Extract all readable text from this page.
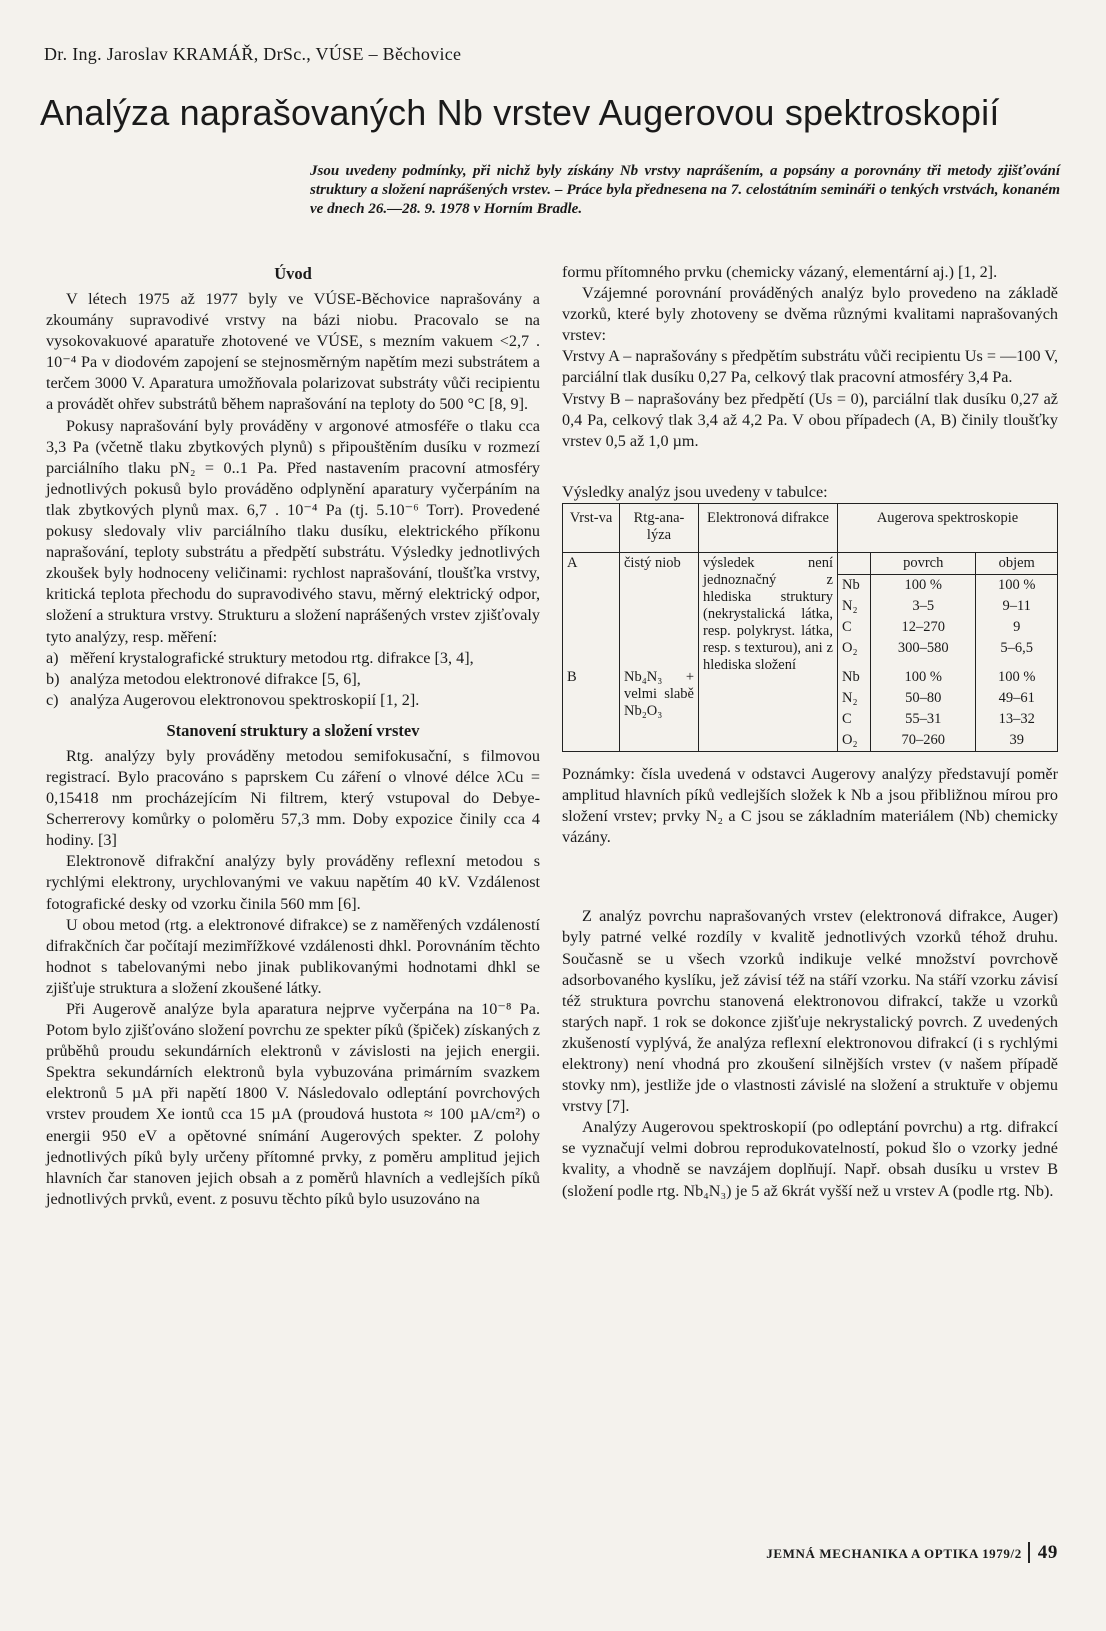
Dr. Ing. Jaroslav KRAMÁŘ, DrSc., VÚSE – Běchovice
Analýza naprašovaných Nb vrstev Augerovou spektroskopií
Jsou uvedeny podmínky, při nichž byly získány Nb vrstvy naprášením, a popsány a porovnány tři metody zjišťování struktury a složení naprášených vrstev. – Práce byla přednesena na 7. celostátním semináři o tenkých vrstvách, konaném ve dnech 26.—28. 9. 1978 v Horním Bradle.
Úvod

V létech 1975 až 1977 byly ve VÚSE-Běchovice naprašovány a zkoumány supravodivé vrstvy na bázi niobu. Pracovalo se na vysokovakuové aparatuře zhotovené ve VÚSE, s mezním vakuem <2,7 . 10⁻⁴ Pa v diodovém zapojení se stejnosměrným napětím mezi substrátem a terčem 3000 V. Aparatura umožňovala polarizovat substráty vůči recipientu a provádět ohřev substrátů během naprašování na teploty do 500 °C [8, 9].

Pokusy naprašování byly prováděny v argonové atmosféře o tlaku cca 3,3 Pa (včetně tlaku zbytkových plynů) s připouštěním dusíku v rozmezí parciálního tlaku pN₂ = 0..1 Pa. Před nastavením pracovní atmosféry jednotlivých pokusů bylo prováděno odplynění aparatury vyčerpáním na tlak zbytkových plynů max. 6,7 . 10⁻⁴ Pa (tj. 5.10⁻⁶ Torr). Provedené pokusy sledovaly vliv parciálního tlaku dusíku, elektrického příkonu naprašování, teploty substrátu a předpětí substrátu. Výsledky jednotlivých zkoušek byly hodnoceny veličinami: rychlost naprašování, tloušťka vrstvy, kritická teplota přechodu do supravodivého stavu, měrný elektrický odpor, složení a struktura vrstvy. Strukturu a složení naprášených vrstev zjišťovaly tyto analýzy, resp. měření:

a) měření krystalografické struktury metodou rtg. difrakce [3, 4],

b) analýza metodou elektronové difrakce [5, 6],

c) analýza Augerovou elektronovou spektroskopií [1, 2].

Stanovení struktury a složení vrstev

Rtg. analýzy byly prováděny metodou semifokusační, s filmovou registrací. Bylo pracováno s paprskem Cu záření o vlnové délce λCu = 0,15418 nm procházejícím Ni filtrem, který vstupoval do Debye-Scherrerovy komůrky o poloměru 57,3 mm. Doby expozice činily cca 4 hodiny. [3]

Elektronově difrakční analýzy byly prováděny reflexní metodou s rychlými elektrony, urychlovanými ve vakuu napětím 40 kV. Vzdálenost fotografické desky od vzorku činila 560 mm [6].

U obou metod (rtg. a elektronové difrakce) se z naměřených vzdáleností difrakčních čar počítají mezimřížkové vzdálenosti dhkl. Porovnáním těchto hodnot s tabelovanými nebo jinak publikovanými hodnotami dhkl se zjišťuje struktura a složení zkoušené látky.

Při Augerově analýze byla aparatura nejprve vyčerpána na 10⁻⁸ Pa. Potom bylo zjišťováno složení povrchu ze spekter píků (špiček) získaných z průběhů proudu sekundárních elektronů v závislosti na jejich energii. Spektra sekundárních elektronů byla vybuzována primárním svazkem elektronů 5 µA při napětí 1800 V. Následovalo odleptání povrchových vrstev proudem Xe iontů cca 15 µA (proudová hustota ≈ 100 µA/cm²) o energii 950 eV a opětovné snímání Augerových spekter. Z polohy jednotlivých píků byly určeny přítomné prvky, z poměru amplitud jejich hlavních čar stanoven jejich obsah a z poměrů hlavních a vedlejších píků jednotlivých prvků, event. z posuvu těchto píků bylo usuzováno na

formu přítomného prvku (chemicky vázaný, elementární aj.) [1, 2].

Vzájemné porovnání prováděných analýz bylo provedeno na základě vzorků, které byly zhotoveny se dvěma různými kvalitami naprašovaných vrstev:

Vrstvy A – naprašovány s předpětím substrátu vůči recipientu Us = —100 V, parciální tlak dusíku 0,27 Pa, celkový tlak pracovní atmosféry 3,4 Pa.

Vrstvy B – naprašovány bez předpětí (Us = 0), parciální tlak dusíku 0,27 až 0,4 Pa, celkový tlak 3,4 až 4,2 Pa. V obou případech (A, B) činily tloušťky vrstev 0,5 až 1,0 µm.

Výsledky analýz jsou uvedeny v tabulce:

Vrst-va	Rtg-ana-lýza	Elektronová difrakce	Augerova spektroskopie		

A	čistý niob	výsledek není jednoznačný z hlediska struktury (nekrystalická látka, resp. polykryst. látka, resp. s texturou), ani z hlediska složení		povrch	objem
			Nb	100 %	100 %
			N₂	3–5	9–11
			C	12–270	9
			O₂	300–580	5–6,5
B	Nb₄N₃ + velmi slabě Nb₂O₃		Nb	100 %	100 %
			N₂	50–80	49–61
			C	55–31	13–32
			O₂	70–260	39

Poznámky: čísla uvedená v odstavci Augerovy analýzy představují poměr amplitud hlavních píků vedlejších složek k Nb a jsou přibližnou mírou pro složení vrstev; prvky N₂ a C jsou se základním materiálem (Nb) chemicky vázány.

Z analýz povrchu naprašovaných vrstev (elektronová difrakce, Auger) byly patrné velké rozdíly v kvalitě jednotlivých vzorků téhož druhu. Současně se u všech vzorků indikuje velké množství povrchově adsorbovaného kyslíku, jež závisí též na stáří vzorku. Na stáří vzorku závisí též struktura povrchu stanovená elektronovou difrakcí, takže u vzorků starých např. 1 rok se dokonce zjišťuje nekrystalický povrch. Z uvedených zkušeností vyplývá, že analýza reflexní elektronovou difrakcí (i s rychlými elektrony) není vhodná pro zkoušení silnějších vrstev (v našem případě stovky nm), jestliže jde o vlastnosti závislé na složení a struktuře v objemu vrstvy [7].

Analýzy Augerovou spektroskopií (po odleptání povrchu) a rtg. difrakcí se vyznačují velmi dobrou reprodukovatelností, pokud šlo o vzorky jedné kvality, a vhodně se navzájem doplňují. Např. obsah dusíku u vrstev B (složení podle rtg. Nb₄N₃) je 5 až 6krát vyšší než u vrstev A (podle rtg. Nb).

JEMNÁ MECHANIKA A OPTIKA 1979/2 49
